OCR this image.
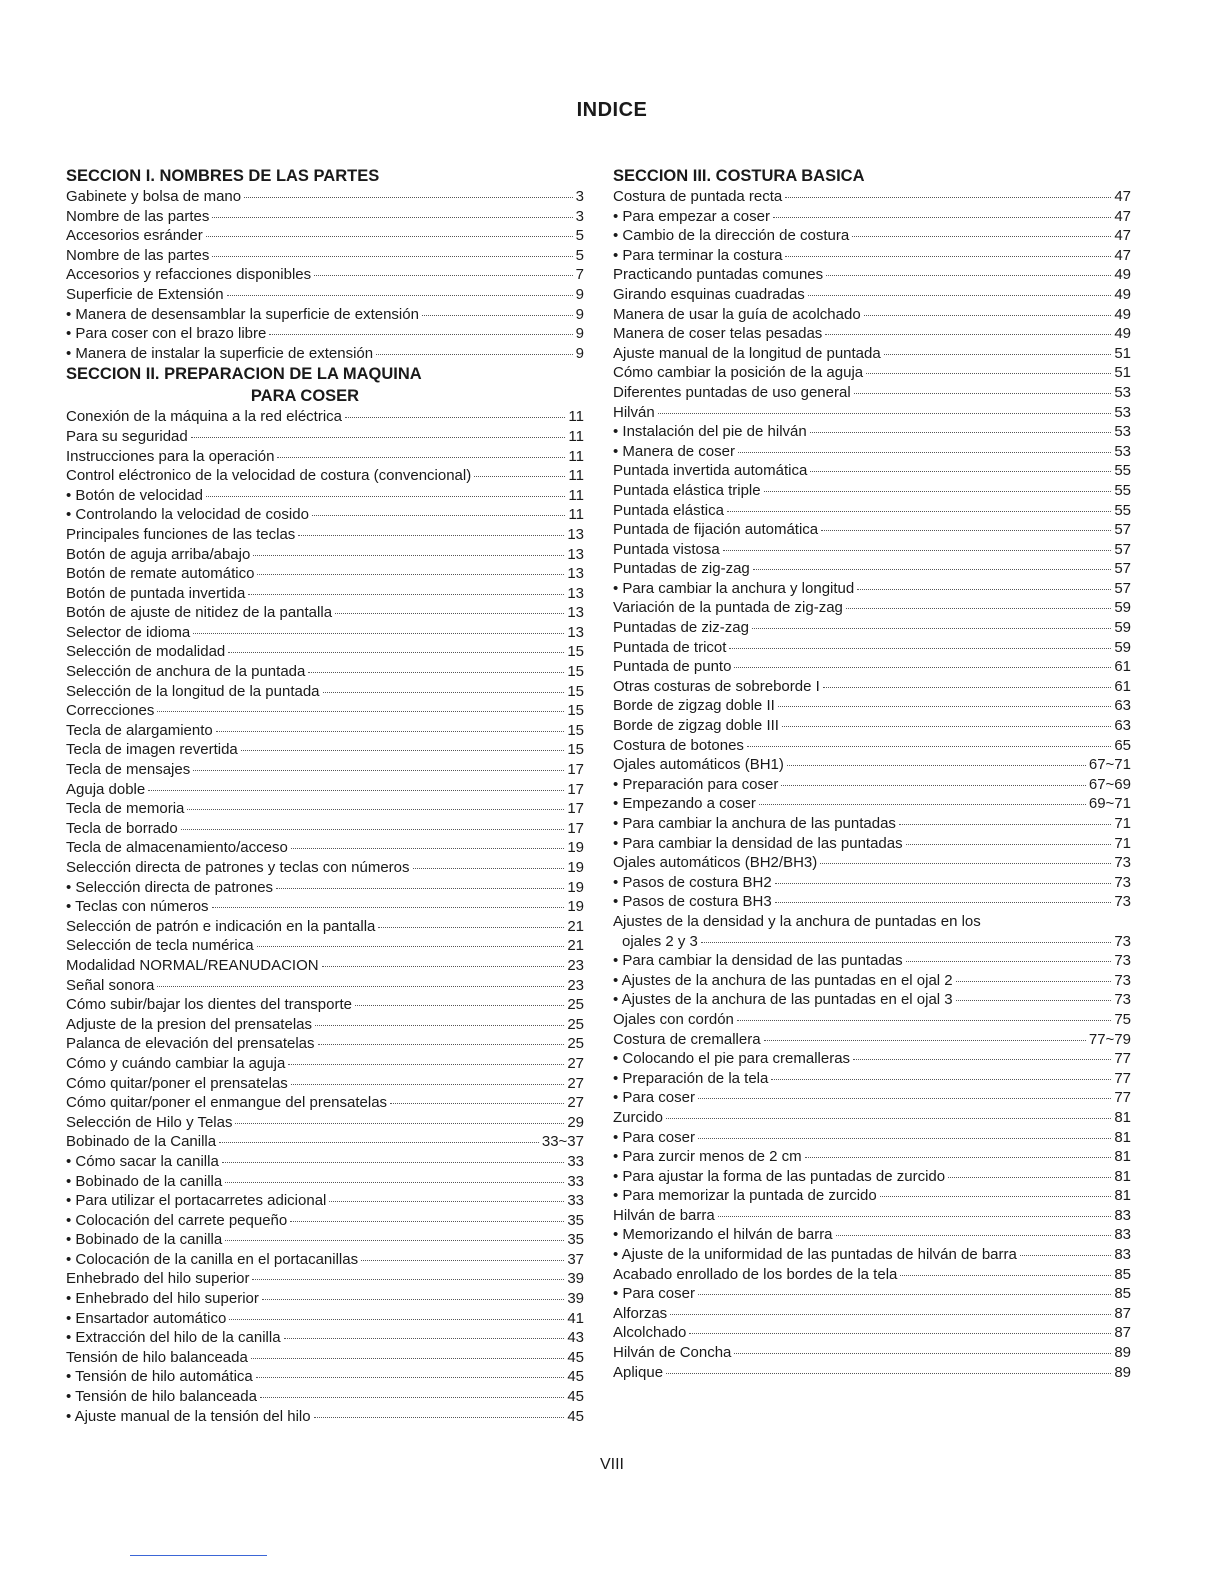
INDICE
SECCION I. NOMBRES DE LAS PARTES
Gabinete y bolsa de mano	3
Nombre de las partes	3
Accesorios esránder	5
Nombre de las partes	5
Accesorios y refacciones disponibles	7
Superficie de Extensión	9
• Manera de desensamblar la superficie de extensión	9
• Para coser con el brazo libre	9
• Manera de instalar la superficie de extensión	9
SECCION II. PREPARACION DE LA MAQUINA
PARA COSER
Conexión de la máquina a la red eléctrica	11
Para su seguridad	11
Instrucciones para la operación	11
Control eléctronico de la velocidad de costura (convencional)	11
• Botón de velocidad	11
• Controlando la velocidad de cosido	11
Principales funciones de las teclas	13
Botón de aguja arriba/abajo	13
Botón de remate automático	13
Botón de puntada invertida	13
Botón de ajuste de nitidez de la pantalla	13
Selector de idioma	13
Selección de modalidad	15
Selección de anchura de la puntada	15
Selección de la longitud de la puntada	15
Correcciones	15
Tecla de alargamiento	15
Tecla de imagen revertida	15
Tecla de mensajes	17
Aguja doble	17
Tecla de memoria	17
Tecla de borrado	17
Tecla de almacenamiento/acceso	19
Selección directa de patrones y teclas con números	19
• Selección directa de patrones	19
• Teclas con números	19
Selección de patrón e indicación en la pantalla	21
Selección de tecla numérica	21
Modalidad NORMAL/REANUDACION	23
Señal sonora	23
Cómo subir/bajar los dientes del transporte	25
Adjuste de la presion del prensatelas	25
Palanca de elevación del prensatelas	25
Cómo y cuándo cambiar la aguja	27
Cómo quitar/poner el prensatelas	27
Cómo quitar/poner el enmangue del prensatelas	27
Selección de Hilo y Telas	29
Bobinado de la Canilla	33~37
• Cómo sacar la canilla	33
• Bobinado de la canilla	33
• Para utilizar el portacarretes adicional	33
• Colocación del carrete pequeño	35
• Bobinado de la canilla	35
• Colocación de la canilla en el portacanillas	37
Enhebrado del hilo superior	39
• Enhebrado del hilo superior	39
• Ensartador automático	41
• Extracción del hilo de la canilla	43
Tensión de hilo balanceada	45
• Tensión de hilo automática	45
• Tensión de hilo balanceada	45
• Ajuste manual de la tensión del hilo	45
SECCION III. COSTURA BASICA
Costura de puntada recta	47
• Para empezar a coser	47
• Cambio de la dirección de costura	47
• Para terminar la costura	47
Practicando puntadas comunes	49
Girando esquinas cuadradas	49
Manera de usar la guía de acolchado	49
Manera de coser telas pesadas	49
Ajuste manual de la longitud de puntada	51
Cómo cambiar la posición de la aguja	51
Diferentes puntadas de uso general	53
Hilván	53
• Instalación del pie de hilván	53
• Manera de coser	53
Puntada invertida automática	55
Puntada elástica triple	55
Puntada elástica	55
Puntada de fijación automática	57
Puntada vistosa	57
Puntadas de zig-zag	57
• Para cambiar la anchura y longitud	57
Variación de la puntada de zig-zag	59
Puntadas de ziz-zag	59
Puntada de tricot	59
Puntada de punto	61
Otras costuras de sobreborde I	61
Borde de zigzag doble II	63
Borde de zigzag doble III	63
Costura de botones	65
Ojales automáticos (BH1)	67~71
• Preparación para coser	67~69
• Empezando a coser	69~71
• Para cambiar la anchura de las puntadas	71
• Para cambiar la densidad de las puntadas	71
Ojales automáticos (BH2/BH3)	73
• Pasos de costura BH2	73
• Pasos de costura BH3	73
Ajustes de la densidad y la anchura de puntadas en los
ojales 2 y 3	73
• Para cambiar la densidad de las puntadas	73
• Ajustes de la anchura de las puntadas en el ojal 2	73
• Ajustes de la anchura de las puntadas en el ojal 3	73
Ojales con cordón	75
Costura de cremallera	77~79
• Colocando el pie para cremalleras	77
• Preparación de la tela	77
• Para coser	77
Zurcido	81
• Para coser	81
• Para zurcir menos de 2 cm	81
• Para ajustar la forma de las puntadas de zurcido	81
• Para memorizar la puntada de zurcido	81
Hilván de barra	83
• Memorizando el hilván de barra	83
• Ajuste de la uniformidad de las puntadas de hilván de barra	83
Acabado enrollado de los bordes de la tela	85
• Para coser	85
Alforzas	87
Alcolchado	87
Hilván de Concha	89
Aplique	89
VIII
